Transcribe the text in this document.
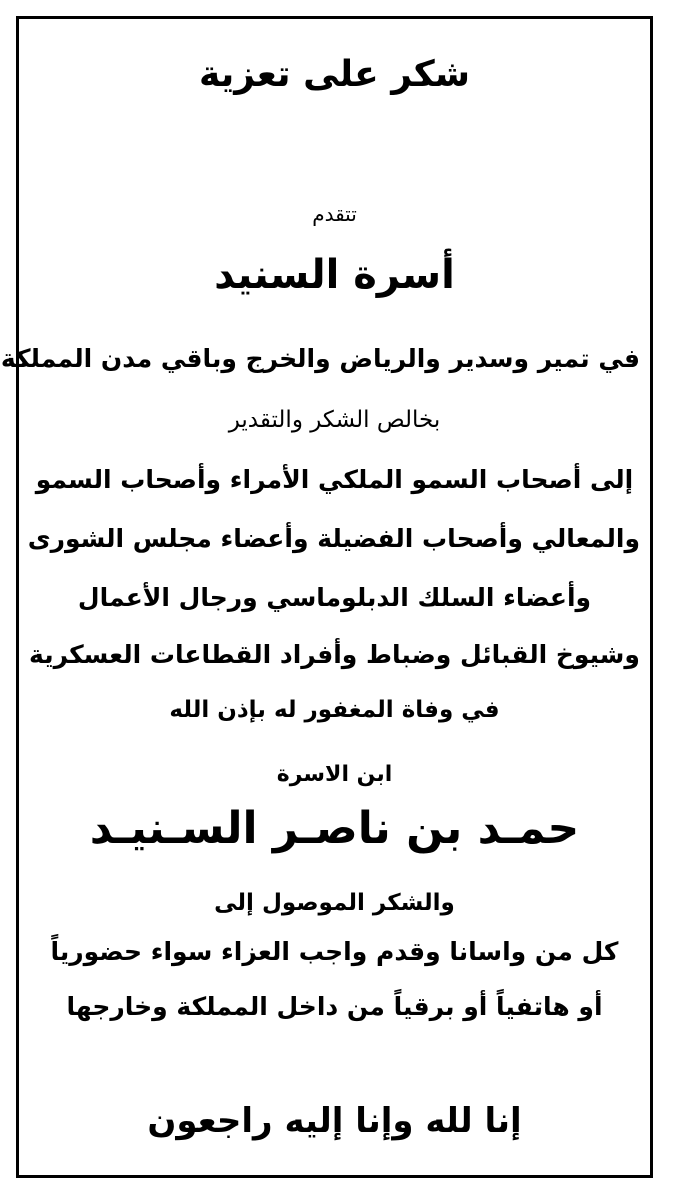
شكر على تعزية
تتقدم
أسرة السنيد
في تمير وسدير والرياض والخرج وباقي مدن المملكة
بخالص الشكر والتقدير
إلى أصحاب السمو الملكي الأمراء وأصحاب السمو
والمعالي وأصحاب الفضيلة وأعضاء مجلس الشورى
وأعضاء السلك الدبلوماسي ورجال الأعمال
وشيوخ القبائل وضباط وأفراد القطاعات العسكرية
في وفاة المغفور له بإذن الله
ابن الاسرة
حمـد بن ناصـر السـنيـد
والشكر الموصول إلى
كل من واسانا وقدم واجب العزاء سواء حضورياً
أو هاتفياً أو برقياً من داخل المملكة وخارجها
إنا لله وإنا إليه راجعون
